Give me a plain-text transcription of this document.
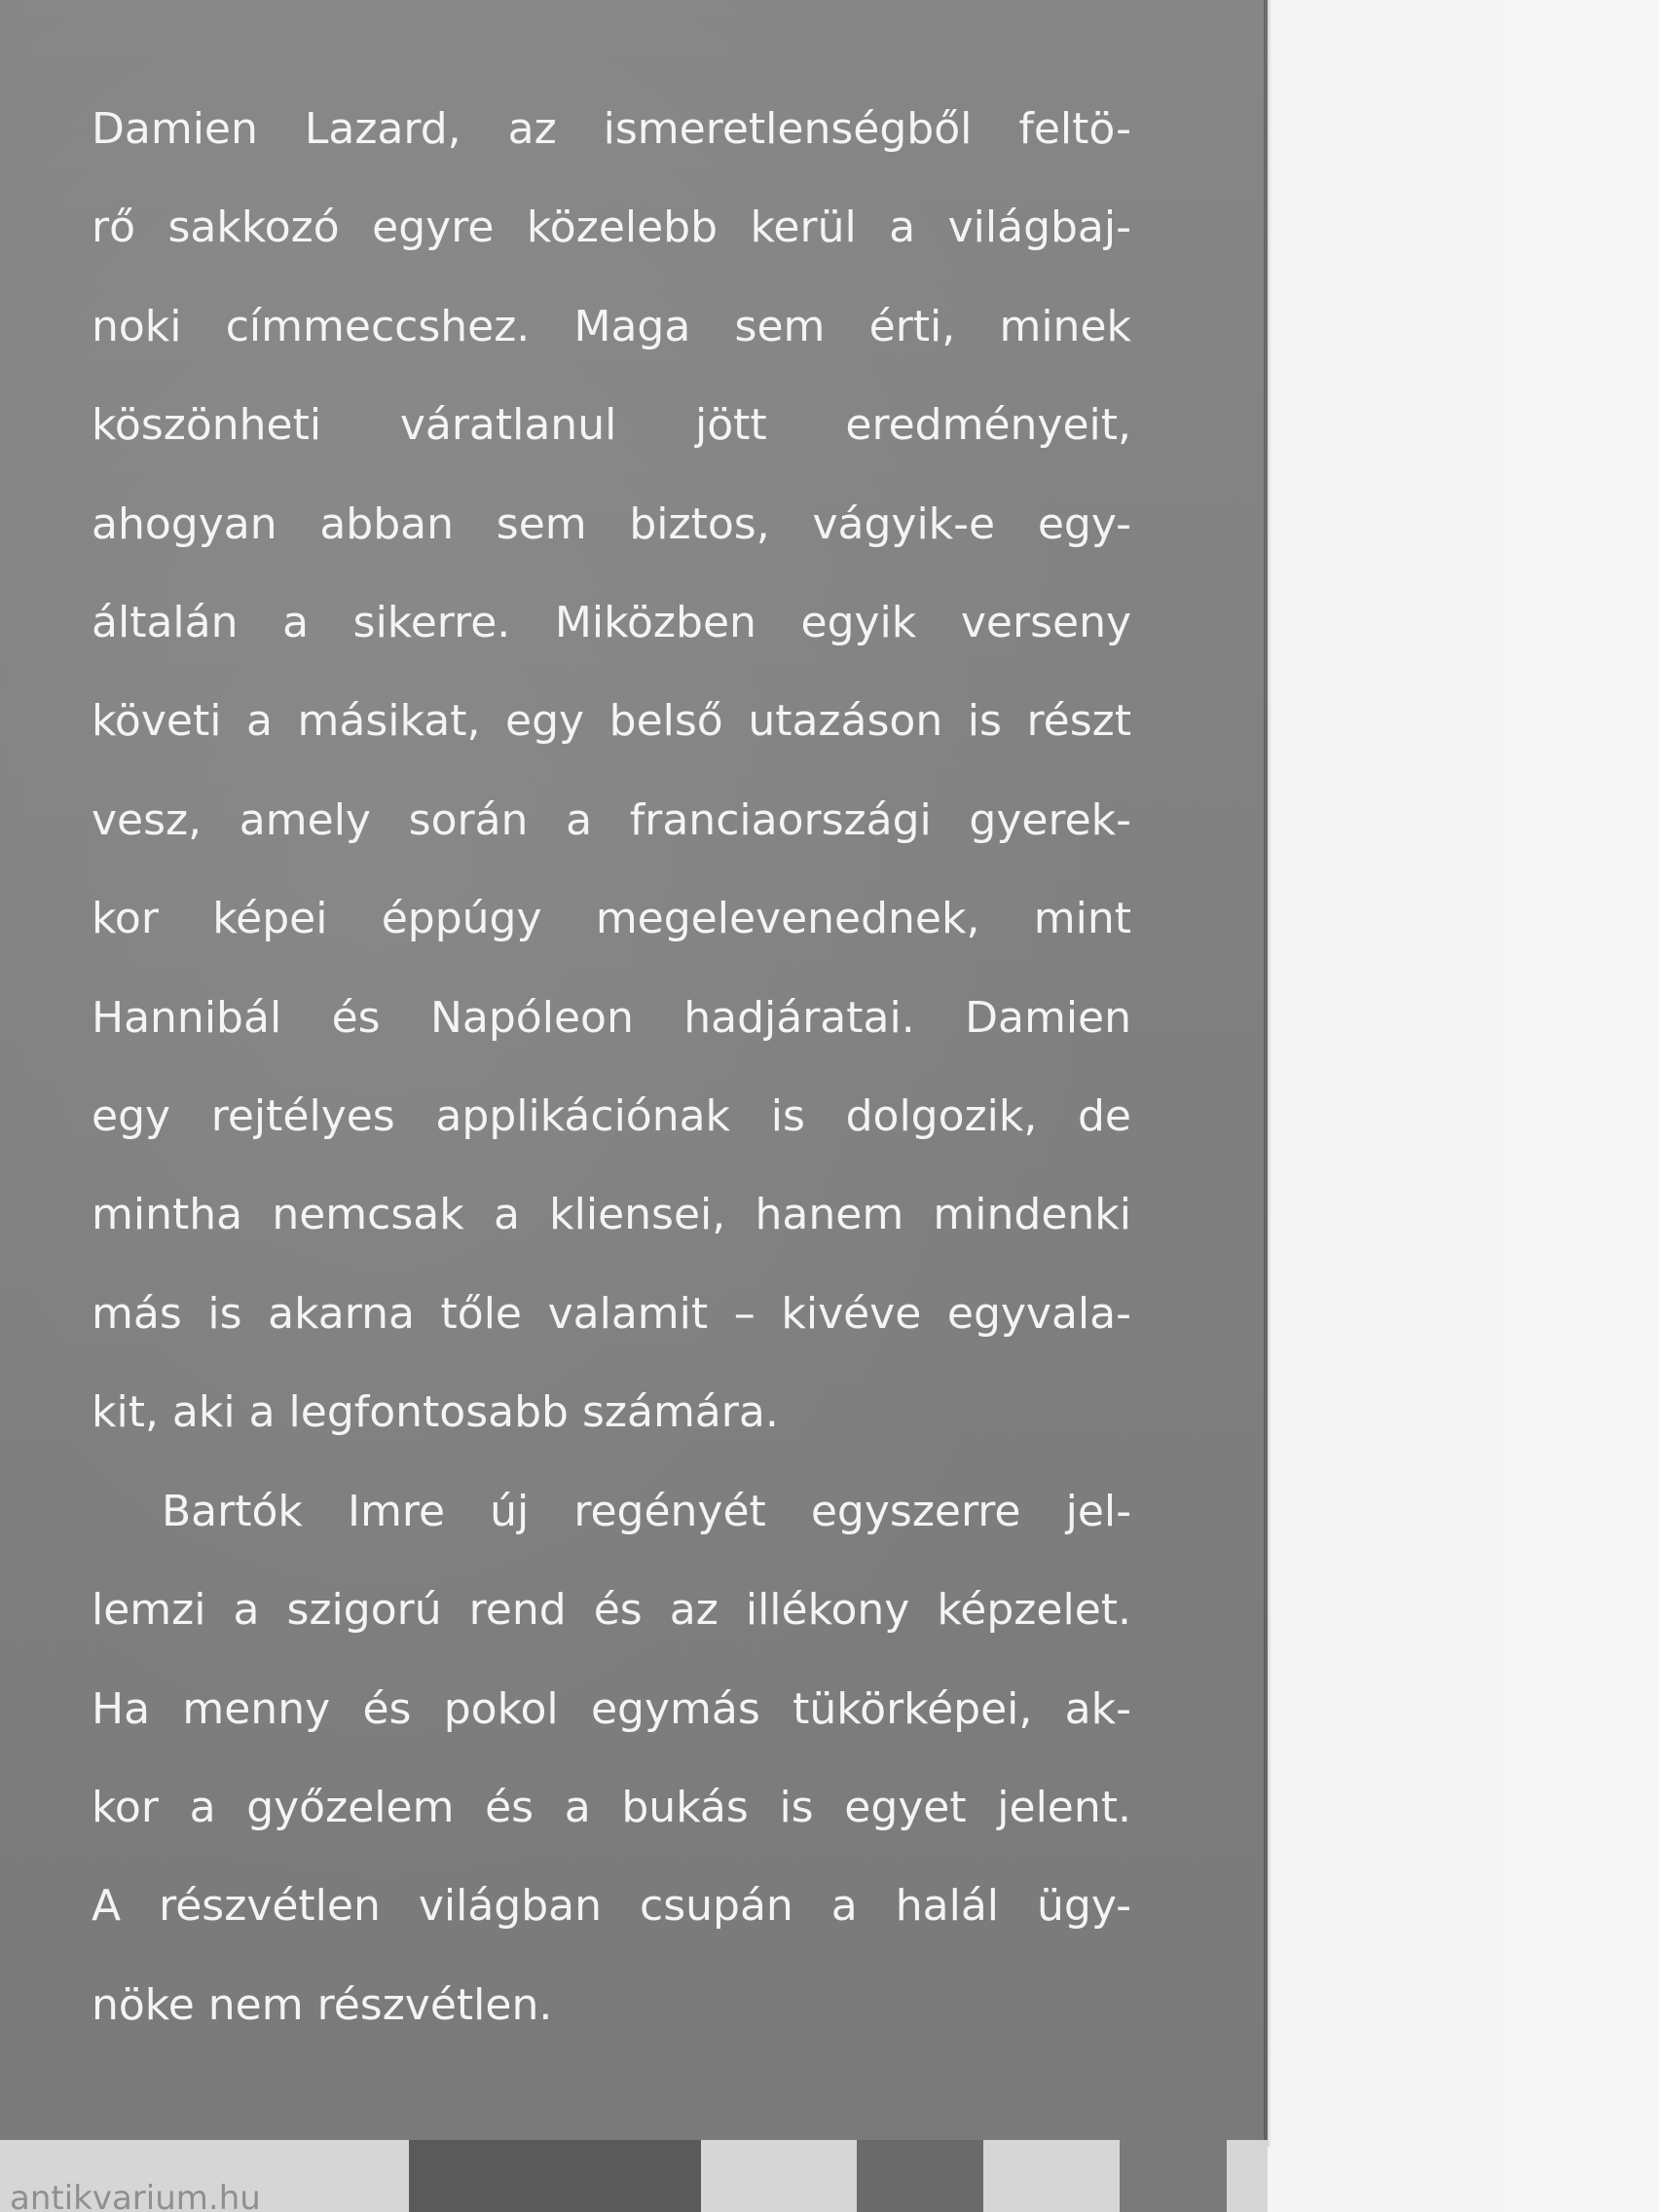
Damien Lazard, az ismeretlenségből feltö-
rő sakkozó egyre közelebb kerül a világbaj-
noki címmeccshez. Maga sem érti, minek
köszönheti váratlanul jött eredményeit,
ahogyan abban sem biztos, vágyik-e egy-
általán a sikerre. Miközben egyik verseny
követi a másikat, egy belső utazáson is részt
vesz, amely során a franciaországi gyerek-
kor képei éppúgy megelevenednek, mint
Hannibál és Napóleon hadjáratai. Damien
egy rejtélyes applikációnak is dolgozik, de
mintha nemcsak a kliensei, hanem mindenki
más is akarna tőle valamit – kivéve egyvala-
kit, aki a legfontosabb számára.

Bartók Imre új regényét egyszerre jel-
lemzi a szigorú rend és az illékony képzelet.
Ha menny és pokol egymás tükörképei, ak-
kor a győzelem és a bukás is egyet jelent.
A részvétlen világban csupán a halál ügy-
nöke nem részvétlen.

antikvarium.hu
